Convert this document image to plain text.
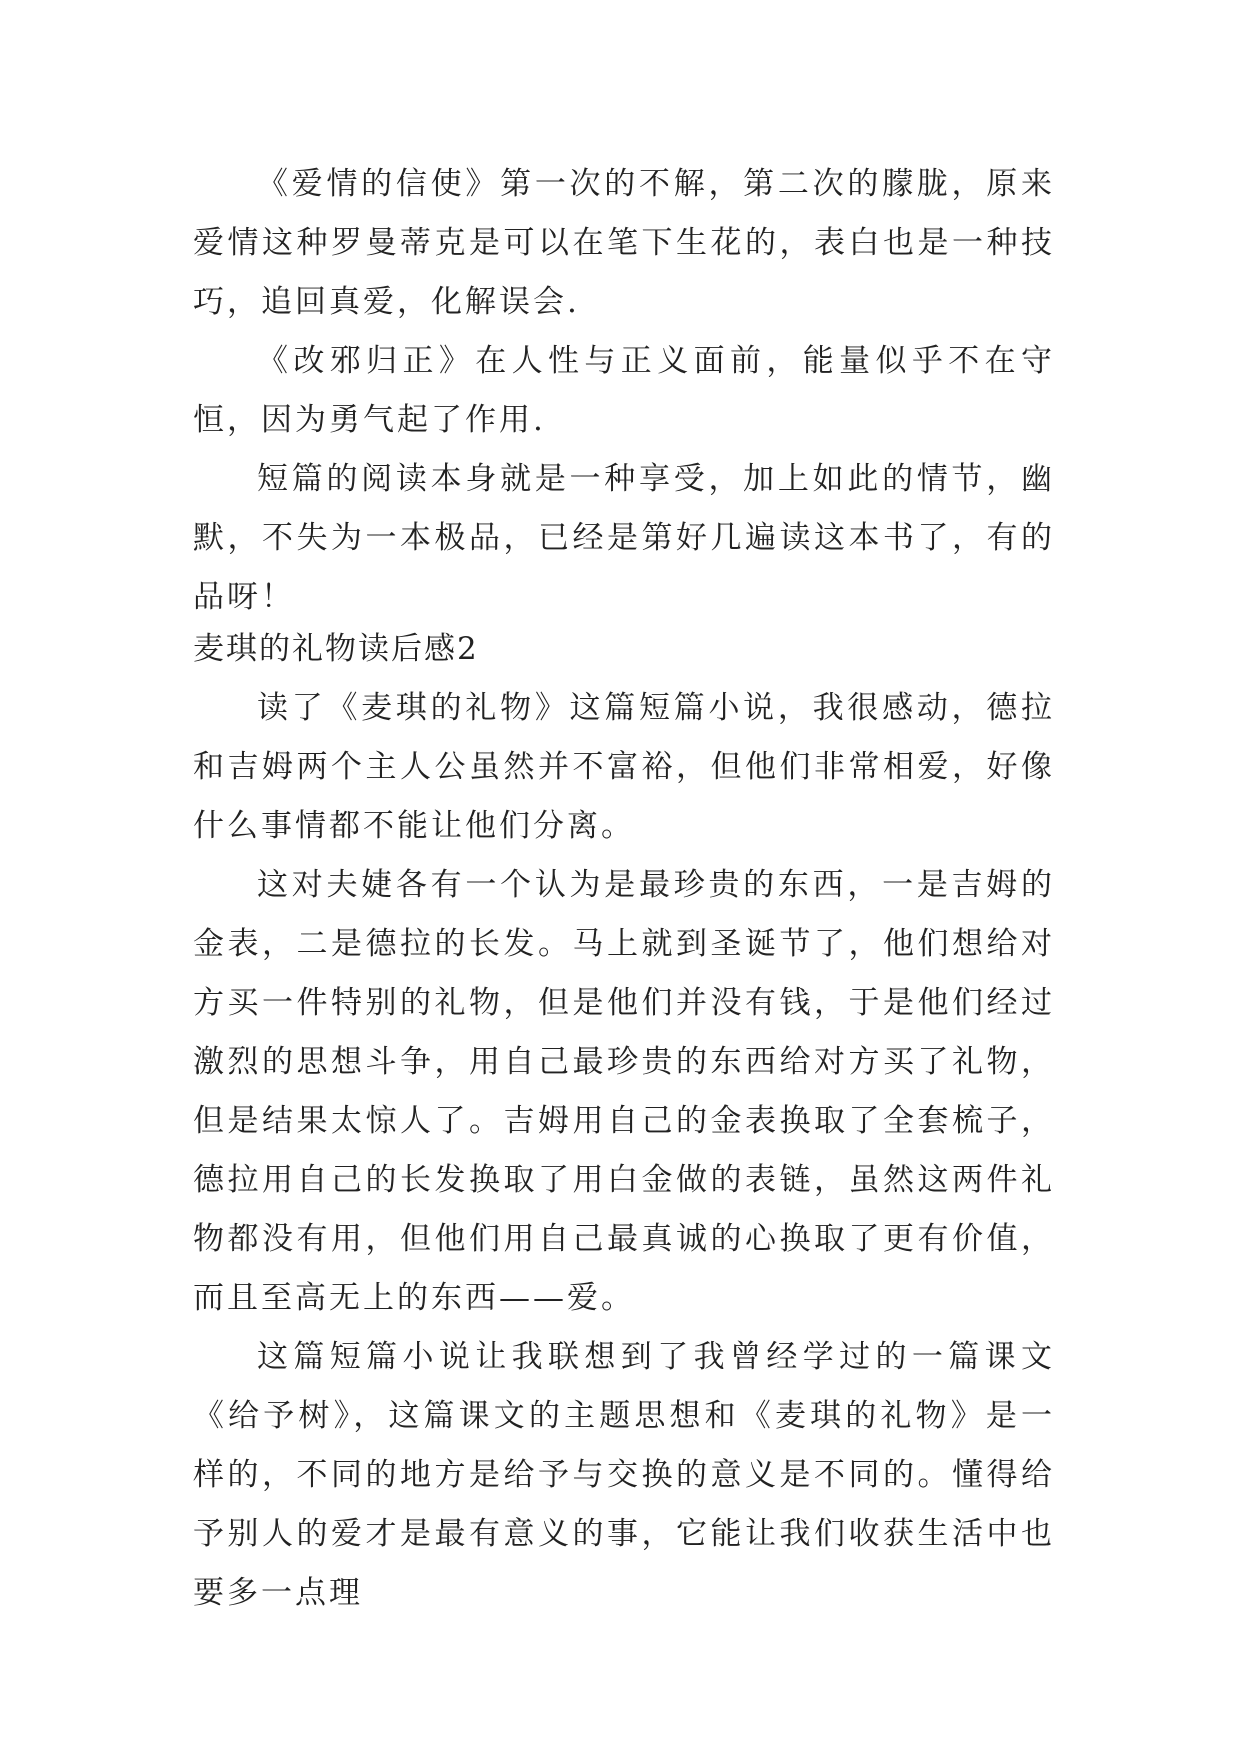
《爱情的信使》第一次的不解，第二次的朦胧，原来爱情这种罗曼蒂克是可以在笔下生花的，表白也是一种技巧，追回真爱，化解误会.

《改邪归正》在人性与正义面前，能量似乎不在守恒，因为勇气起了作用.

短篇的阅读本身就是一种享受，加上如此的情节，幽默，不失为一本极品，已经是第好几遍读这本书了，有的品呀！

麦琪的礼物读后感2

读了《麦琪的礼物》这篇短篇小说，我很感动，德拉和吉姆两个主人公虽然并不富裕，但他们非常相爱，好像什么事情都不能让他们分离。

这对夫婕各有一个认为是最珍贵的东西，一是吉姆的金表，二是德拉的长发。马上就到圣诞节了，他们想给对方买一件特别的礼物，但是他们并没有钱，于是他们经过激烈的思想斗争，用自己最珍贵的东西给对方买了礼物，但是结果太惊人了。吉姆用自己的金表换取了全套梳子，德拉用自己的长发换取了用白金做的表链，虽然这两件礼物都没有用，但他们用自己最真诚的心换取了更有价值，而且至高无上的东西——爱。

这篇短篇小说让我联想到了我曾经学过的一篇课文《给予树》，这篇课文的主题思想和《麦琪的礼物》是一样的，不同的地方是给予与交换的意义是不同的。懂得给予别人的爱才是最有意义的事，它能让我们收获生活中也要多一点理
